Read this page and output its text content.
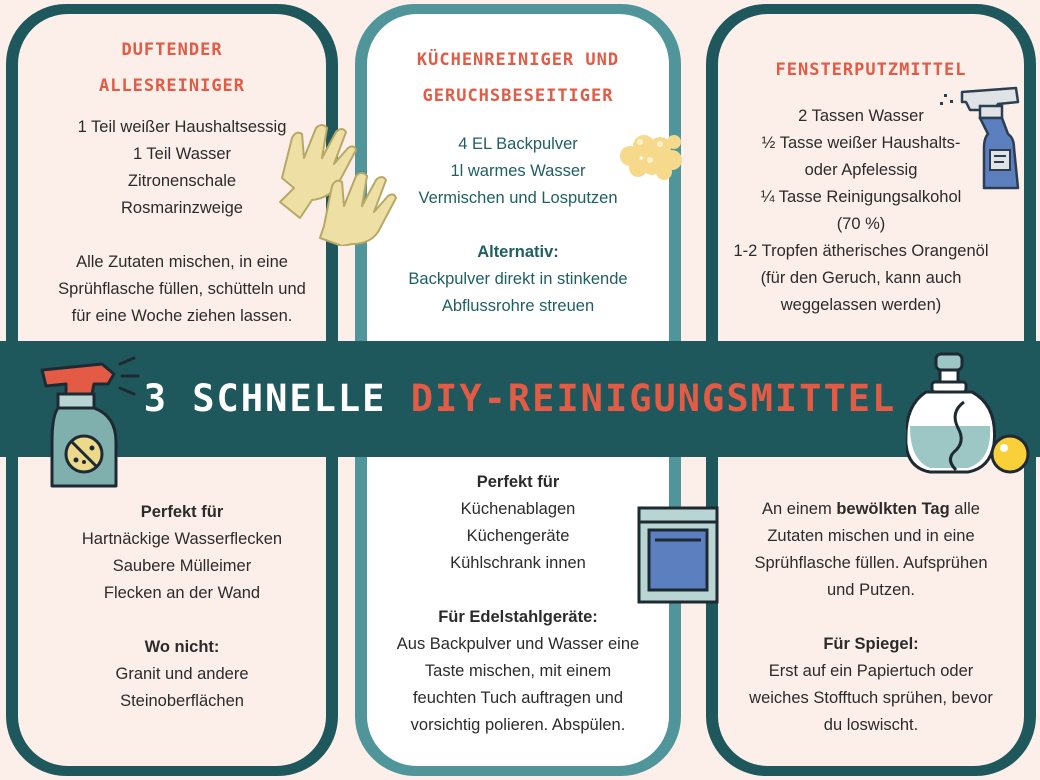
DUFTENDER
ALLESREINIGER
1 Teil weißer Haushaltsessig
1 Teil Wasser
Zitronenschale
Rosmarinzweige
Alle Zutaten mischen, in eine
Sprühflasche füllen, schütteln und
für eine Woche ziehen lassen.
KÜCHENREINIGER UND
GERUCHSBESEITIGER
4 EL Backpulver
1l warmes Wasser
Vermischen und Losputzen
Alternativ:
Backpulver direkt in stinkende
Abflussrohre streuen
FENSTERPUTZMITTEL
2 Tassen Wasser
½ Tasse weißer Haushalts-
oder Apfelessig
¼ Tasse Reinigungsalkohol
(70 %)
1-2 Tropfen ätherisches Orangenöl
(für den Geruch, kann auch
weggelassen werden)
3 SCHNELLE DIY-REINIGUNGSMITTEL
Perfekt für
Hartnäckige Wasserflecken
Saubere Mülleimer
Flecken an der Wand
Wo nicht:
Granit und andere
Steinoberflächen
Perfekt für
Küchenablagen
Küchengeräte
Kühlschrank innen
Für Edelstahlgeräte:
Aus Backpulver und Wasser eine
Taste mischen, mit einem
feuchten Tuch auftragen und
vorsichtig polieren. Abspülen.
An einem bewölkten Tag alle
Zutaten mischen und in eine
Sprühflasche füllen. Aufsprühen
und Putzen.
Für Spiegel:
Erst auf ein Papiertuch oder
weiches Stofftuch sprühen, bevor
du loswischt.
